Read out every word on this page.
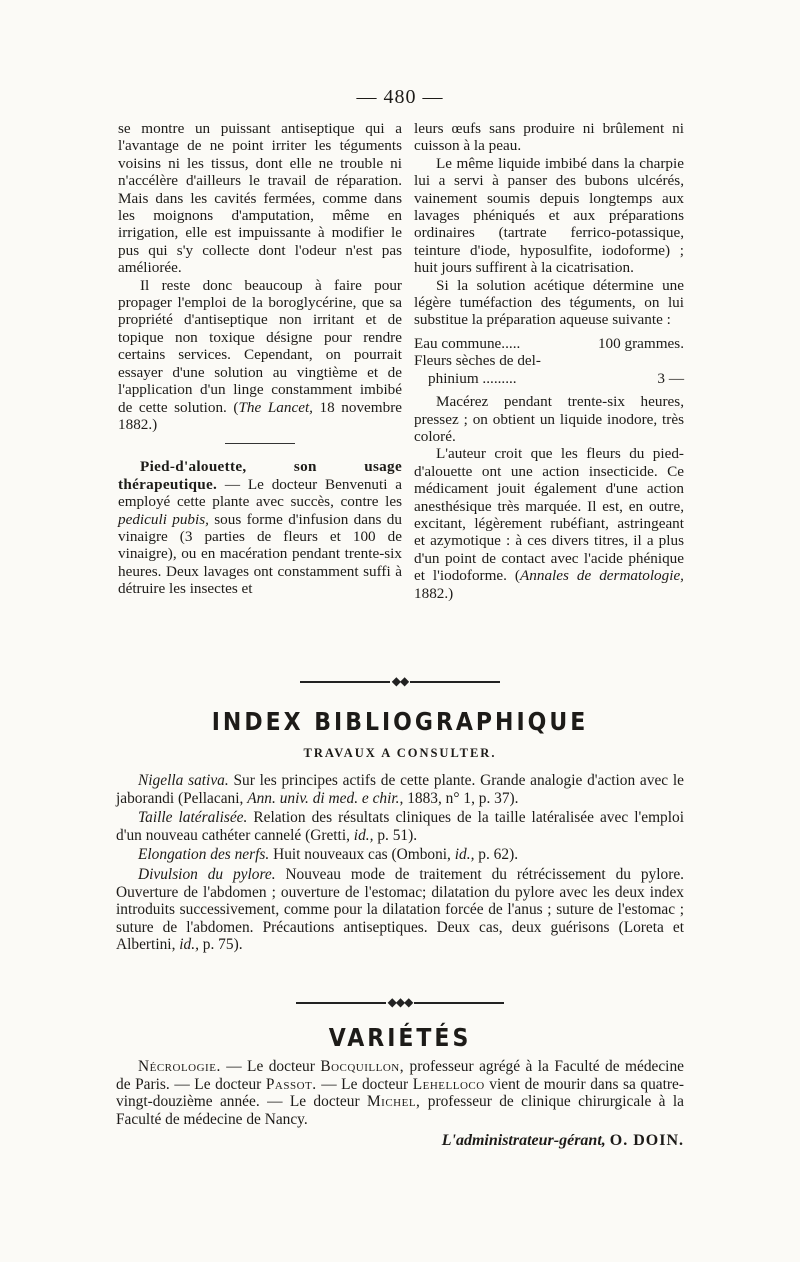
— 480 —

se montre un puissant antiseptique qui a l'avantage de ne point irriter les téguments voisins ni les tissus, dont elle ne trouble ni n'accélère d'ailleurs le travail de réparation. Mais dans les cavités fermées, comme dans les moignons d'amputation, même en irrigation, elle est impuissante à modifier le pus qui s'y collecte dont l'odeur n'est pas améliorée.

Il reste donc beaucoup à faire pour propager l'emploi de la boroglycérine, que sa propriété d'antiseptique non irritant et de topique non toxique désigne pour rendre certains services. Cependant, on pourrait essayer d'une solution au vingtième et de l'application d'un linge constamment imbibé de cette solution. (The Lancet, 18 novembre 1882.)

Pied-d'alouette, son usage thérapeutique. — Le docteur Benvenuti a employé cette plante avec succès, contre les pediculi pubis, sous forme d'infusion dans du vinaigre (3 parties de fleurs et 100 de vinaigre), ou en macération pendant trente-six heures. Deux lavages ont constamment suffi à détruire les insectes et

leurs œufs sans produire ni brûlement ni cuisson à la peau.

Le même liquide imbibé dans la charpie lui a servi à panser des bubons ulcérés, vainement soumis depuis longtemps aux lavages phéniqués et aux préparations ordinaires (tartrate ferrico-potassique, teinture d'iode, hyposulfite, iodoforme) ; huit jours suffirent à la cicatrisation.

Si la solution acétique détermine une légère tuméfaction des téguments, on lui substitue la préparation aqueuse suivante :

Eau commune.....	100 grammes.
Fleurs sèches de del-
phinium .........	3 —

Macérez pendant trente-six heures, pressez ; on obtient un liquide inodore, très coloré.

L'auteur croit que les fleurs du pied-d'alouette ont une action insecticide. Ce médicament jouit également d'une action anesthésique très marquée. Il est, en outre, excitant, légèrement rubéfiant, astringeant et azymotique : à ces divers titres, il a plus d'un point de contact avec l'acide phénique et l'iodoforme. (Annales de dermatologie, 1882.)

◆◆
INDEX BIBLIOGRAPHIQUE
TRAVAUX A CONSULTER.

Nigella sativa. Sur les principes actifs de cette plante. Grande analogie d'action avec le jaborandi (Pellacani, Ann. univ. di med. e chir., 1883, n° 1, p. 37).

Taille latéralisée. Relation des résultats cliniques de la taille latéralisée avec l'emploi d'un nouveau cathéter cannelé (Gretti, id., p. 51).

Elongation des nerfs. Huit nouveaux cas (Omboni, id., p. 62).

Divulsion du pylore. Nouveau mode de traitement du rétrécissement du pylore. Ouverture de l'abdomen ; ouverture de l'estomac; dilatation du pylore avec les deux index introduits successivement, comme pour la dilatation forcée de l'anus ; suture de l'estomac ; suture de l'abdomen. Précautions antiseptiques. Deux cas, deux guérisons (Loreta et Albertini, id., p. 75).

◆◆◆
VARIÉTÉS

Nécrologie. — Le docteur Bocquillon, professeur agrégé à la Faculté de médecine de Paris. — Le docteur Passot. — Le docteur Lehelloco vient de mourir dans sa quatre-vingt-douzième année. — Le docteur Michel, professeur de clinique chirurgicale à la Faculté de médecine de Nancy.

L'administrateur-gérant, O. DOIN.
